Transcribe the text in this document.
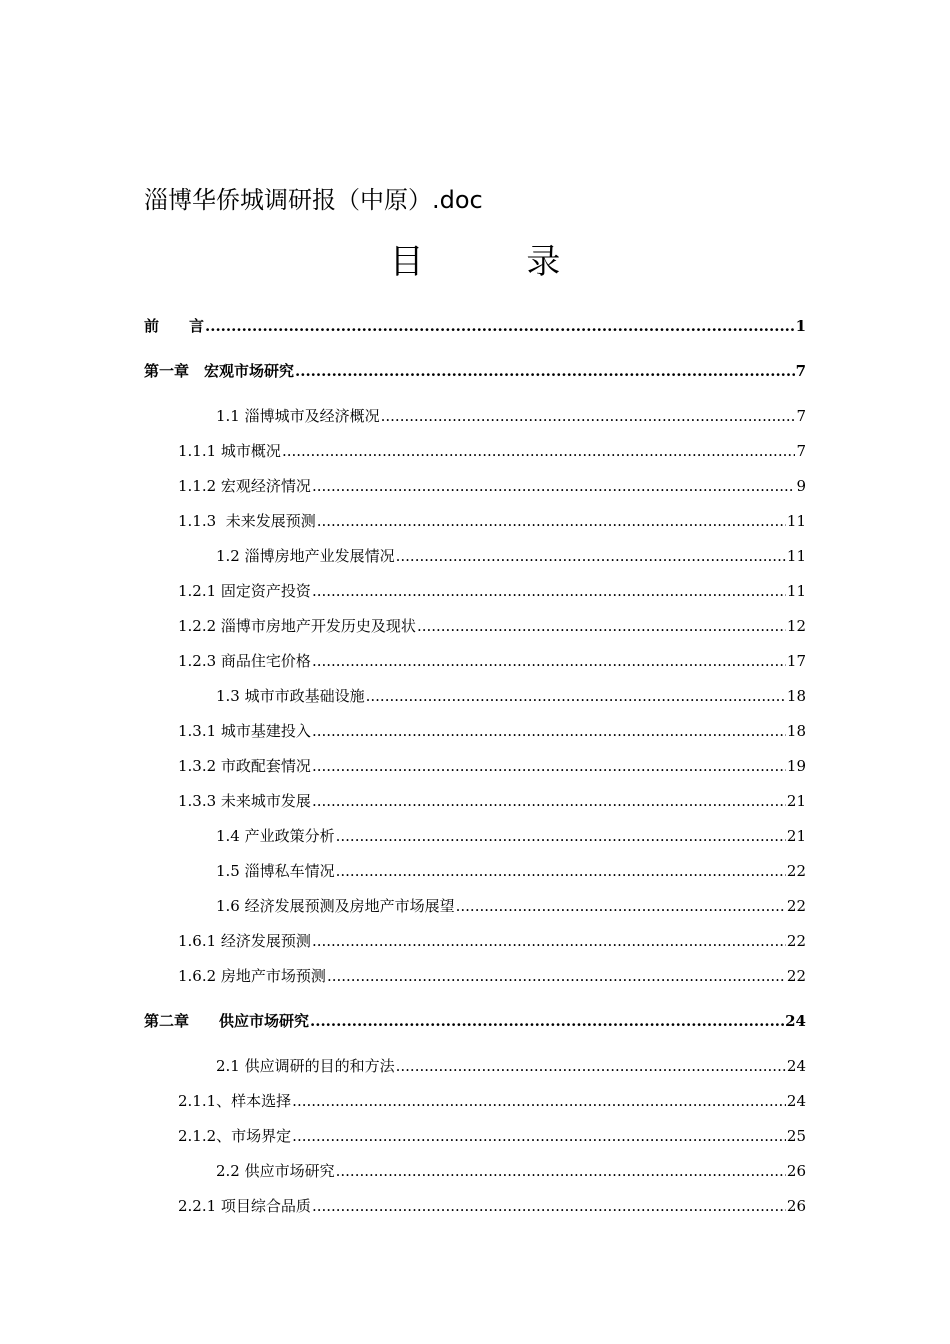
淄博华侨城调研报（中原）.doc
目 录
前　　言 .....	1
第一章　宏观市场研究 .....	7
1.1 淄博城市及经济概况 .....	7
1.1.1 城市概况 .....	7
1.1.2 宏观经济情况 .....	9
1.1.3  未来发展预测 .....	11
1.2 淄博房地产业发展情况 .....	11
1.2.1 固定资产投资 .....	11
1.2.2 淄博市房地产开发历史及现状 .....	12
1.2.3 商品住宅价格 .....	17
1.3 城市市政基础设施 .....	18
1.3.1 城市基建投入 .....	18
1.3.2 市政配套情况 .....	19
1.3.3 未来城市发展 .....	21
1.4 产业政策分析 .....	21
1.5 淄博私车情况 .....	22
1.6 经济发展预测及房地产市场展望 .....	22
1.6.1 经济发展预测 .....	22
1.6.2 房地产市场预测 .....	22
第二章　　供应市场研究 .....	24
2.1 供应调研的目的和方法 .....	24
2.1.1、样本选择 .....	24
2.1.2、市场界定 .....	25
2.2 供应市场研究 .....	26
2.2.1 项目综合品质 .....	26
